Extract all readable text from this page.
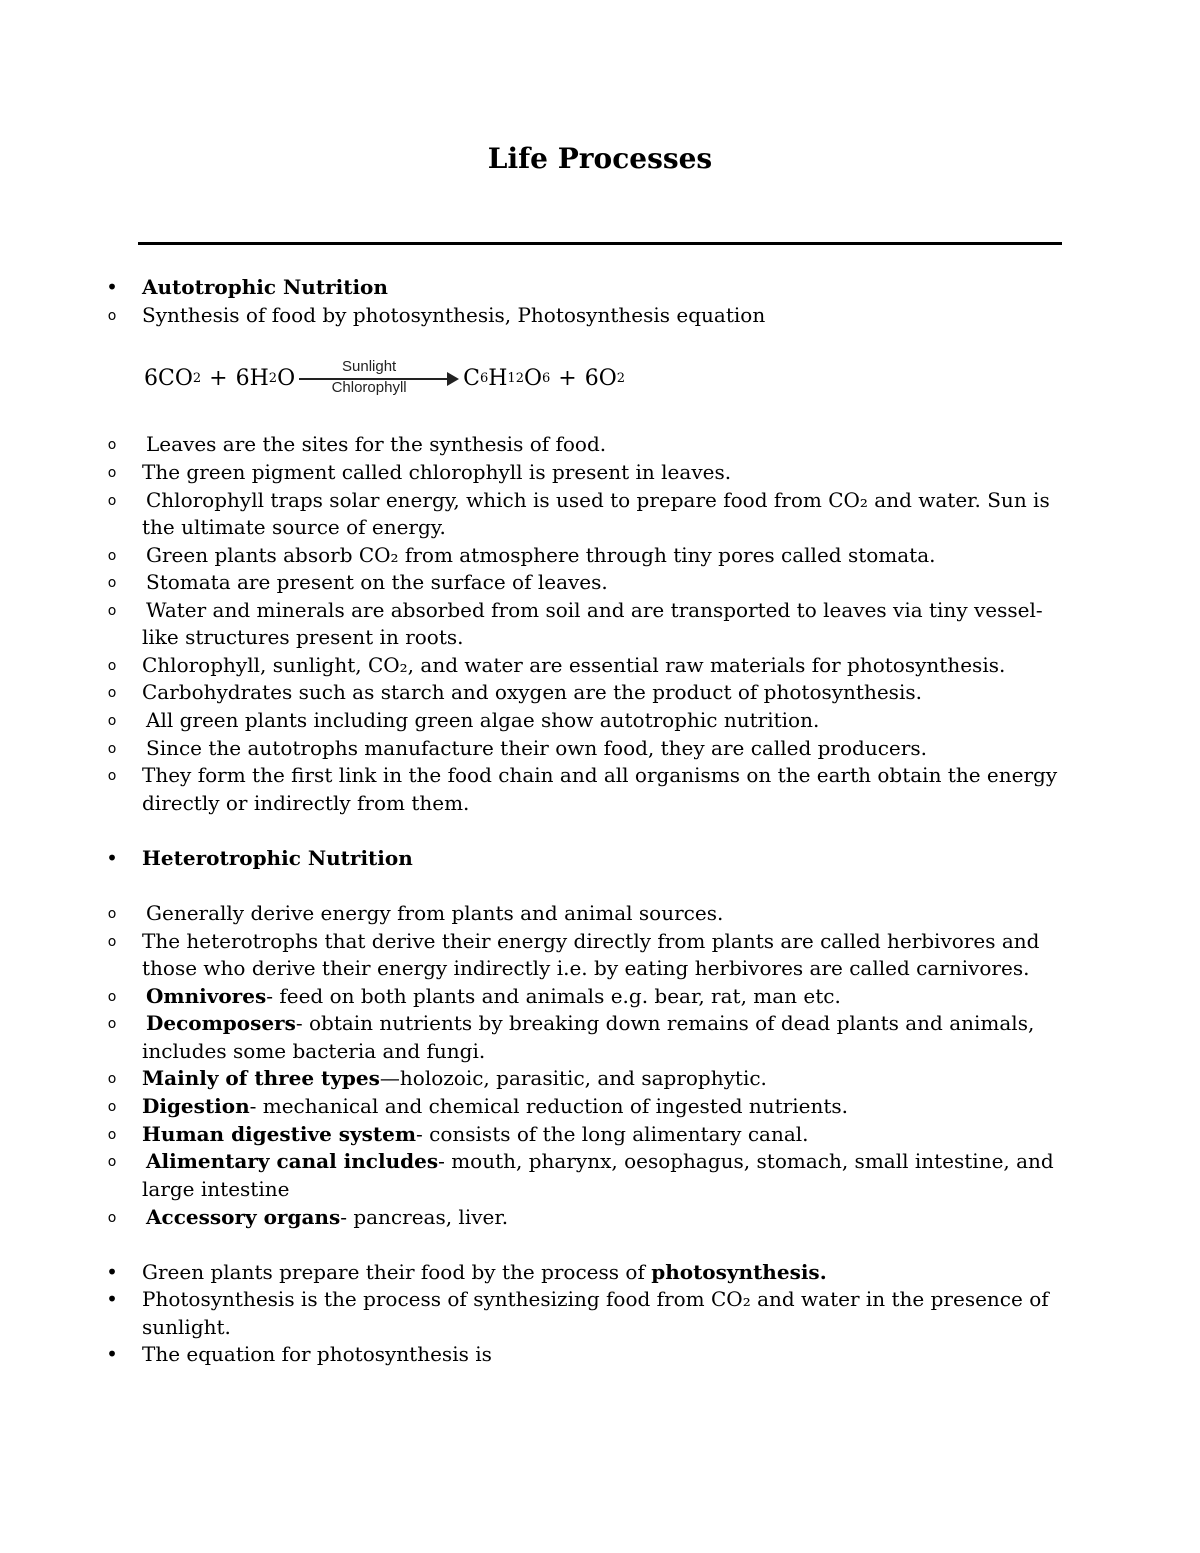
Life Processes
• Autotrophic Nutrition
o Synthesis of food by photosynthesis, Photosynthesis equation
6CO 2 + 6H 2 O	Sunlight
Chlorophyll	C 6 H 12 O 6 + 6O 2
o Leaves are the sites for the synthesis of food.
o The green pigment called chlorophyll is present in leaves.
o Chlorophyll traps solar energy, which is used to prepare food from CO₂ and water. Sun is
the ultimate source of energy.
o Green plants absorb CO₂ from atmosphere through tiny pores called stomata.
o Stomata are present on the surface of leaves.
o Water and minerals are absorbed from soil and are transported to leaves via tiny vessel-
like structures present in roots.
o Chlorophyll, sunlight, CO₂, and water are essential raw materials for photosynthesis.
o Carbohydrates such as starch and oxygen are the product of photosynthesis.
o All green plants including green algae show autotrophic nutrition.
o Since the autotrophs manufacture their own food, they are called producers.
o They form the first link in the food chain and all organisms on the earth obtain the energy
directly or indirectly from them.
• Heterotrophic Nutrition
o Generally derive energy from plants and animal sources.
o The heterotrophs that derive their energy directly from plants are called herbivores and
those who derive their energy indirectly i.e. by eating herbivores are called carnivores.
o Omnivores- feed on both plants and animals e.g. bear, rat, man etc.
o Decomposers- obtain nutrients by breaking down remains of dead plants and animals,
includes some bacteria and fungi.
o Mainly of three types—holozoic, parasitic, and saprophytic.
o Digestion- mechanical and chemical reduction of ingested nutrients.
o Human digestive system- consists of the long alimentary canal.
o Alimentary canal includes- mouth, pharynx, oesophagus, stomach, small intestine, and
large intestine
o Accessory organs- pancreas, liver.
• Green plants prepare their food by the process of photosynthesis.
• Photosynthesis is the process of synthesizing food from CO₂ and water in the presence of
sunlight.
• The equation for photosynthesis is
